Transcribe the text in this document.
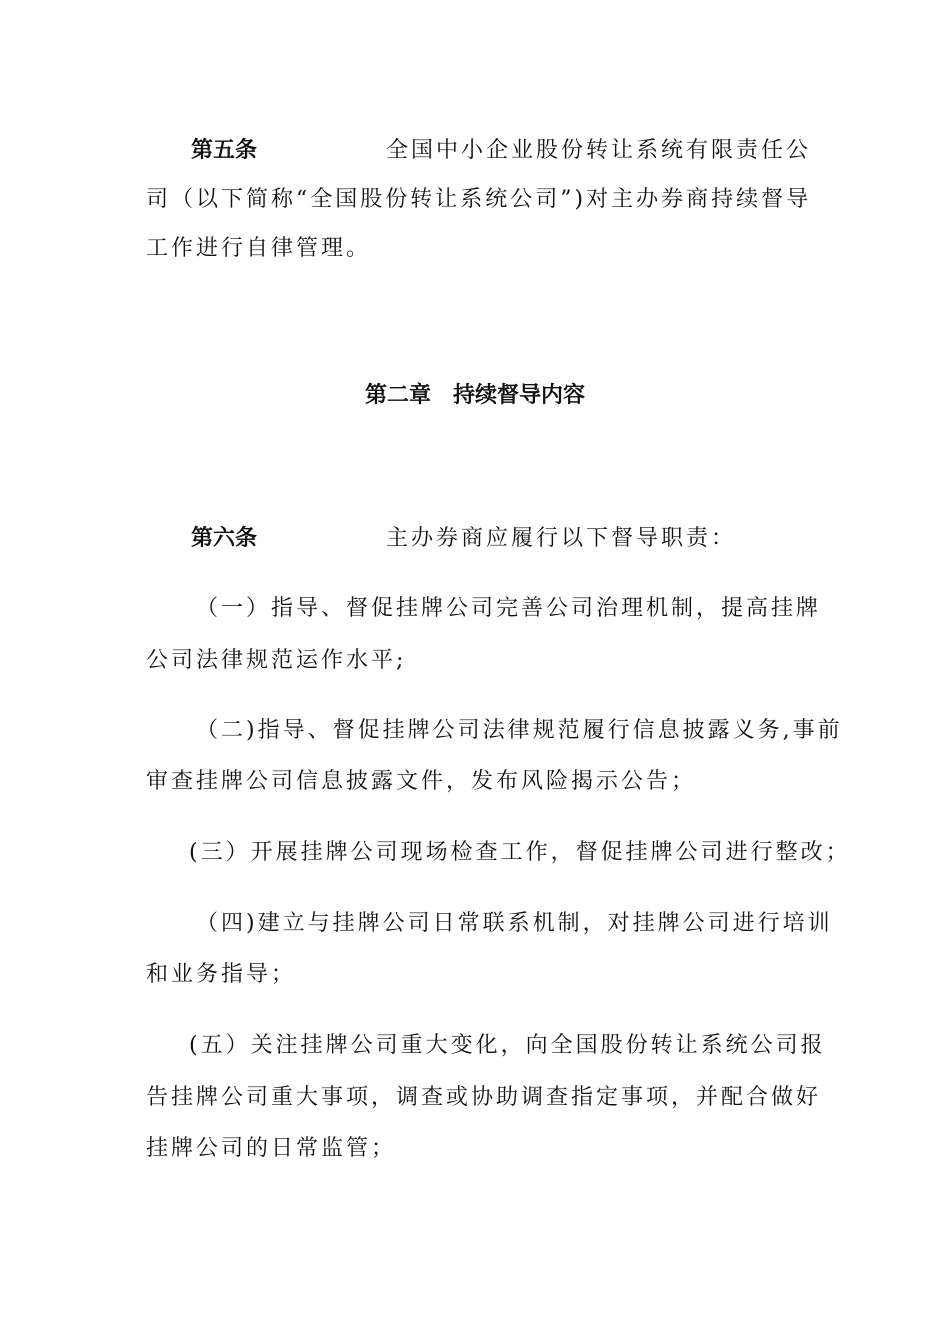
第五条	全国中小企业股份转让系统有限责任公
司（以下简称“全国股份转让系统公司”)对主办券商持续督导
工作进行自律管理。
第二章　持续督导内容
第六条	主办券商应履行以下督导职责：
（一）指导、督促挂牌公司完善公司治理机制，提高挂牌
公司法律规范运作水平;
（二)指导、督促挂牌公司法律规范履行信息披露义务,事前
审查挂牌公司信息披露文件，发布风险揭示公告；
(三）开展挂牌公司现场检查工作，督促挂牌公司进行整改；
（四)建立与挂牌公司日常联系机制，对挂牌公司进行培训
和业务指导；
(五）关注挂牌公司重大变化，向全国股份转让系统公司报
告挂牌公司重大事项，调查或协助调查指定事项，并配合做好
挂牌公司的日常监管；
